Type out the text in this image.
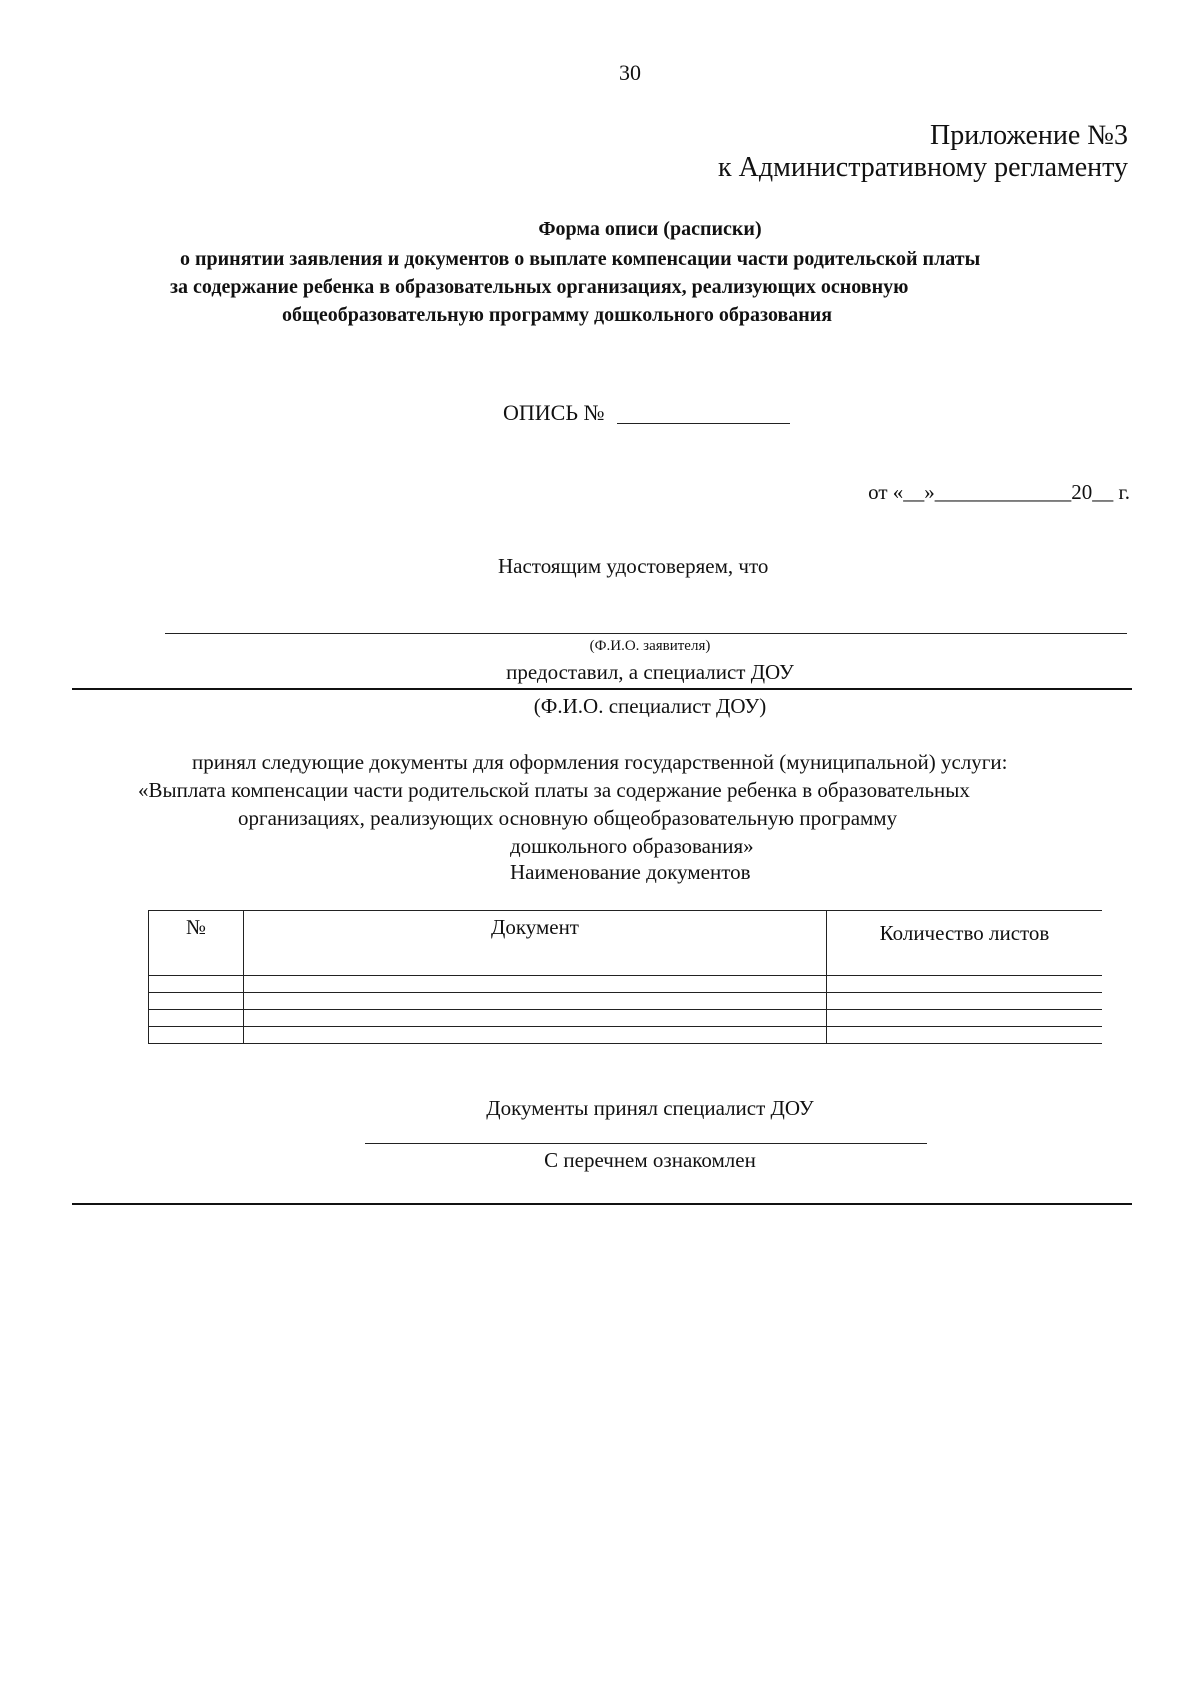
30
Приложение №3
к Административному регламенту
Форма описи (расписки)
о принятии заявления и документов о выплате компенсации части родительской платы
за содержание ребенка в образовательных организациях, реализующих основную
общеобразовательную программу дошкольного образования
ОПИСЬ №
от «__»_____________20__ г.
Настоящим удостоверяем, что
(Ф.И.О. заявителя)
предоставил, а специалист ДОУ
(Ф.И.О. специалист ДОУ)
принял следующие документы для оформления государственной (муниципальной) услуги:
«Выплата компенсации части родительской платы за содержание ребенка в образовательных
организациях, реализующих основную общеобразовательную программу
дошкольного образования»
Наименование документов
№	Документ	Количество листов

Документы принял специалист ДОУ
С перечнем ознакомлен
